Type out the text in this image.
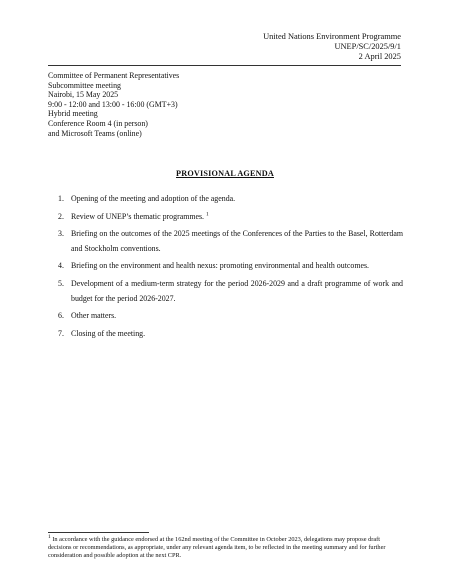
United Nations Environment Programme
UNEP/SC/2025/9/1
2 April 2025
Committee of Permanent Representatives
Subcommittee meeting
Nairobi, 15 May 2025
9:00 - 12:00 and 13:00 - 16:00 (GMT+3)
Hybrid meeting
Conference Room 4 (in person)
and Microsoft Teams (online)
PROVISIONAL AGENDA
1. Opening of the meeting and adoption of the agenda.
2. Review of UNEP’s thematic programmes. $^1$
3. Briefing on the outcomes of the 2025 meetings of the Conferences of the Parties to the Basel, Rotterdam and Stockholm conventions.
4. Briefing on the environment and health nexus: promoting environmental and health outcomes.
5. Development of a medium-term strategy for the period 2026-2029 and a draft programme of work and budget for the period 2026-2027.
6. Other matters.
7. Closing of the meeting.
$^1$ In accordance with the guidance endorsed at the 162nd meeting of the Committee in October 2023, delegations may propose draft decisions or recommendations, as appropriate, under any relevant agenda item, to be reflected in the meeting summary and for further consideration and possible adoption at the next CPR.
